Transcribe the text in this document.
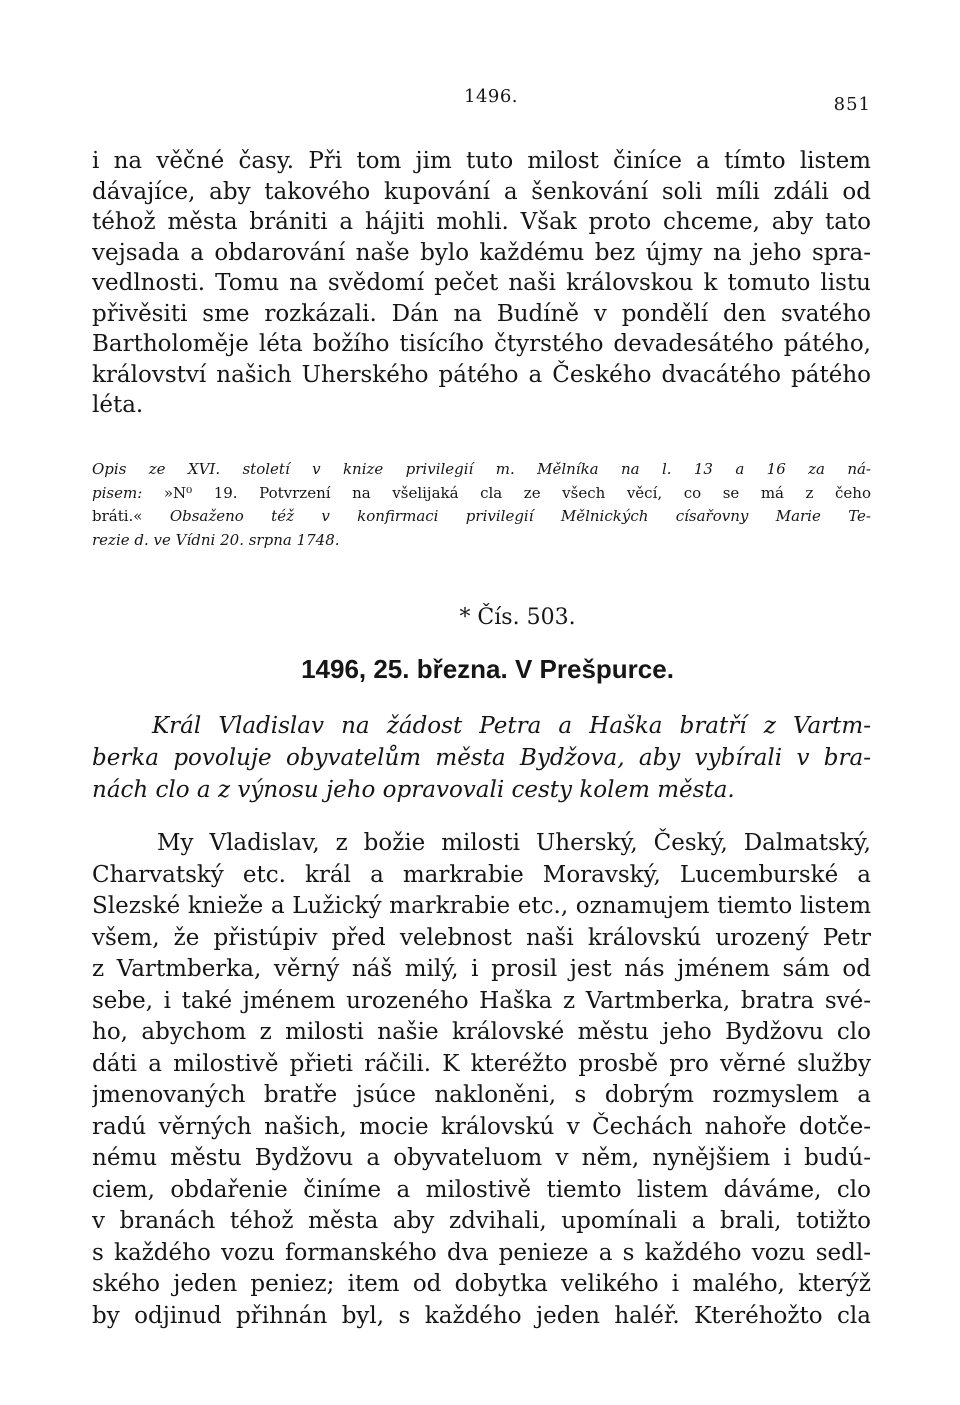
1496.	851
i na věčné časy. Při tom jim tuto milost činíce a tímto listem
dávajíce, aby takového kupování a šenkování soli míli zdáli od
téhož města brániti a hájiti mohli. Však proto chceme, aby tato
vejsada a obdarování naše bylo každému bez újmy na jeho spra-
vedlnosti. Tomu na svědomí pečet naši královskou k tomuto listu
přivěsiti sme rozkázali. Dán na Budíně v pondělí den svatého
Bartholoměje léta božího tisícího čtyrstého devadesátého pátého,
království našich Uherského pátého a Českého dvacátého pátého
léta.
Opis ze XVI. století v knize privilegií m. Mělníka na l. 13 a 16 za ná-
pisem: »N⁰ 19. Potvrzení na všelijaká cla ze všech věcí, co se má z čeho
bráti.« Obsaženo též v konfirmaci privilegií Mělnických císařovny Marie Te-
rezie d. ve Vídni 20. srpna 1748.
* Čís. 503.
1496, 25. března. V Prešpurce.
Král Vladislav na žádost Petra a Haška bratří z Vartm-
berka povoluje obyvatelům města Bydžova, aby vybírali v bra-
nách clo a z výnosu jeho opravovali cesty kolem města.
My Vladislav, z božie milosti Uherský, Český, Dalmatský,
Charvatský etc. král a markrabie Moravský, Lucemburské a
Slezské knieže a Lužický markrabie etc., oznamujem tiemto listem
všem, že přistúpiv před velebnost naši královskú urozený Petr
z Vartmberka, věrný náš milý, i prosil jest nás jménem sám od
sebe, i také jménem urozeného Haška z Vartmberka, bratra své-
ho, abychom z milosti našie královské městu jeho Bydžovu clo
dáti a milostivě přieti ráčili. K kteréžto prosbě pro věrné služby
jmenovaných bratře jsúce nakloněni, s dobrým rozmyslem a
radú věrných našich, mocie královskú v Čechách nahoře dotče-
nému městu Bydžovu a obyvateluom v něm, nynějšiem i budú-
ciem, obdařenie činíme a milostivě tiemto listem dáváme, clo
v branách téhož města aby zdvihali, upomínali a brali, totižto
s každého vozu formanského dva penieze a s každého vozu sedl-
ského jeden peniez; item od dobytka velikého i malého, kterýž
by odjinud přihnán byl, s každého jeden haléř. Kteréhožto cla
